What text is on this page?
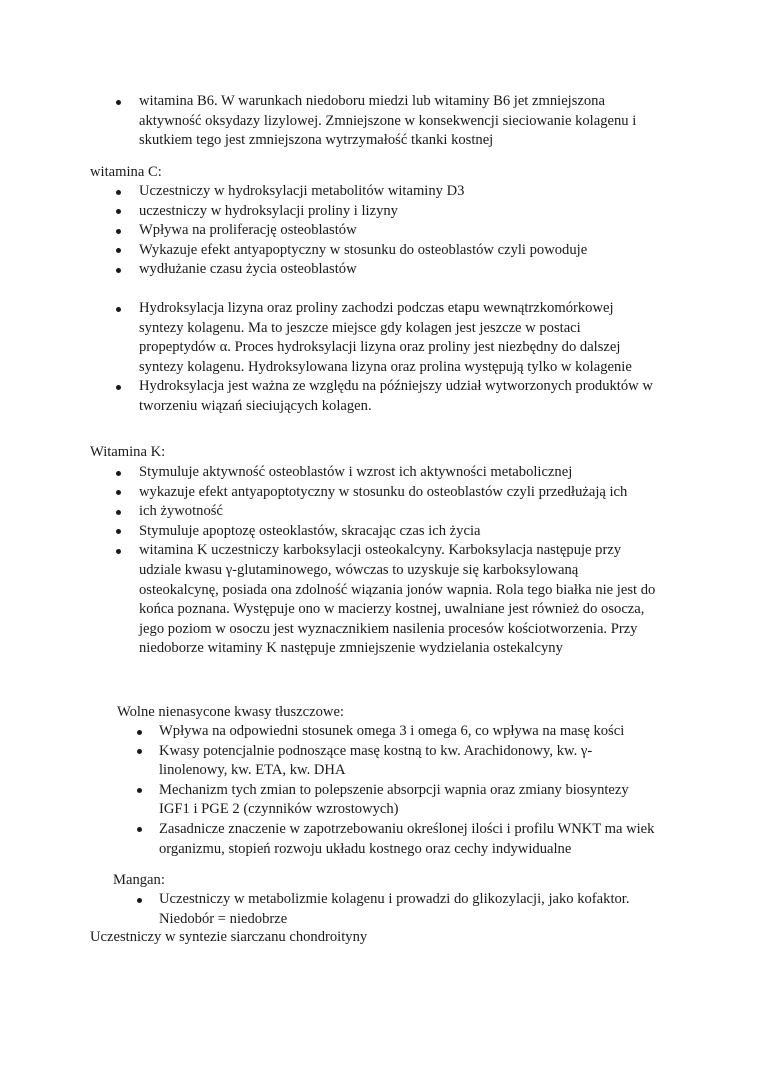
witamina B6. W warunkach niedoboru miedzi lub witaminy B6 jet zmniejszona aktywność oksydazy lizylowej. Zmniejszone w konsekwencji sieciowanie kolagenu i skutkiem tego jest zmniejszona wytrzymałość tkanki kostnej
witamina C:
Uczestniczy w hydroksylacji metabolitów witaminy D3
uczestniczy w hydroksylacji proliny i lizyny
Wpływa na proliferację osteoblastów
Wykazuje efekt antyapoptyczny w stosunku do osteoblastów czyli powoduje
wydłużanie czasu życia osteoblastów
Hydroksylacja lizyna oraz proliny zachodzi podczas etapu wewnątrzkomórkowej syntezy kolagenu. Ma to jeszcze miejsce gdy kolagen jest jeszcze w postaci propeptydów α. Proces hydroksylacji lizyna oraz proliny jest niezbędny do dalszej syntezy kolagenu. Hydroksylowana lizyna oraz prolina występują tylko w kolagenie
Hydroksylacja jest ważna ze względu na późniejszy udział wytworzonych produktów w tworzeniu wiązań sieciujących kolagen.
Witamina K:
Stymuluje aktywność osteoblastów i wzrost ich aktywności metabolicznej
wykazuje efekt antyapoptotyczny w stosunku do osteoblastów czyli przedłużają ich
ich żywotność
Stymuluje apoptozę osteoklastów, skracając czas ich życia
witamina K uczestniczy karboksylacji osteokalcyny. Karboksylacja następuje przy udziale kwasu γ-glutaminowego, wówczas to uzyskuje się karboksylowaną osteokalcynę, posiada ona zdolność wiązania jonów wapnia. Rola tego białka nie jest do końca poznana. Występuje ono w macierzy kostnej, uwalniane jest również do osocza, jego poziom w osoczu jest wyznacznikiem nasilenia procesów kościotworzenia. Przy niedoborze witaminy K następuje zmniejszenie wydzielania ostekalcyny
Wolne nienasycone kwasy tłuszczowe:
Wpływa na odpowiedni stosunek omega 3 i omega 6, co wpływa na masę kości
Kwasy potencjalnie podnoszące masę kostną to kw. Arachidonowy, kw. γ-linolenowy, kw. ETA, kw. DHA
Mechanizm tych zmian to polepszenie absorpcji wapnia oraz zmiany biosyntezy IGF1 i PGE 2 (czynników wzrostowych)
Zasadnicze znaczenie w zapotrzebowaniu określonej ilości i profilu WNKT ma wiek organizmu, stopień rozwoju układu kostnego oraz cechy indywidualne
Mangan:
Uczestniczy w metabolizmie kolagenu i prowadzi do glikozylacji, jako kofaktor. Niedobór = niedobrze
Uczestniczy w syntezie siarczanu chondroityny
